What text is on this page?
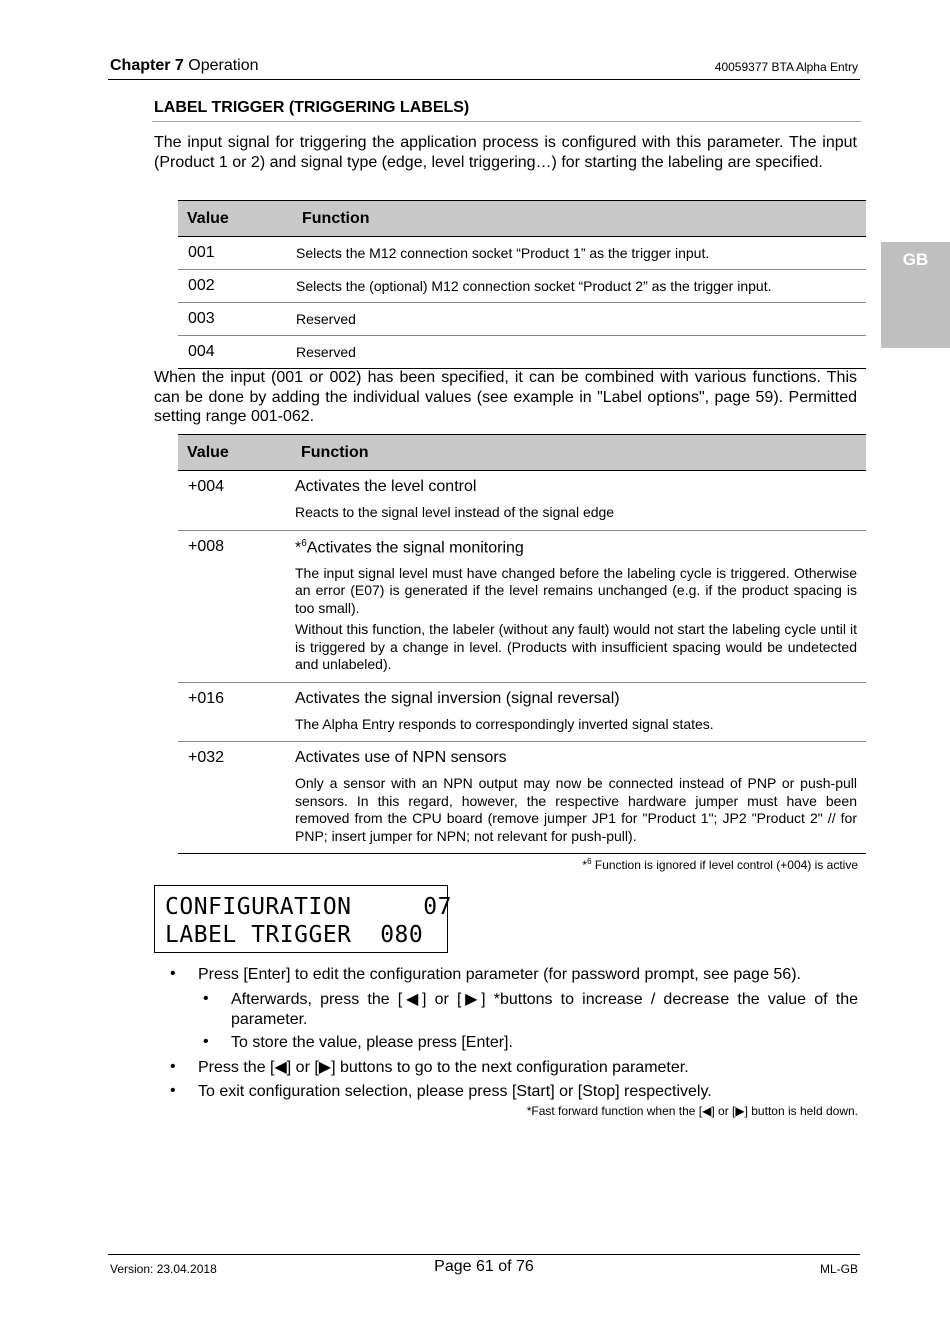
Chapter 7 Operation	40059377 BTA Alpha Entry
GB
LABEL TRIGGER (TRIGGERING LABELS)
The input signal for triggering the application process is configured with this parameter. The input (Product 1 or 2) and signal type (edge, level triggering…) for starting the labeling are specified.
Value	Function
001	Selects the M12 connection socket “Product 1” as the trigger input.
002	Selects the (optional) M12 connection socket “Product 2” as the trigger input.
003	Reserved
004	Reserved
When the input (001 or 002) has been specified, it can be combined with various functions. This can be done by adding the individual values (see example in "Label options", page 59). Permitted setting range 001-062.
Value	Function
+004	Activates the level control
Reacts to the signal level instead of the signal edge

+008	*$^6$Activates the signal monitoring
The input signal level must have changed before the labeling cycle is triggered. Otherwise an error (E07) is generated if the level remains unchanged (e.g. if the product spacing is too small).
Without this function, the labeler (without any fault) would not start the labeling cycle until it is triggered by a change in level. (Products with insufficient spacing would be undetected and unlabeled).

+016	Activates the signal inversion (signal reversal)
The Alpha Entry responds to correspondingly inverted signal states.

+032	Activates use of NPN sensors
Only a sensor with an NPN output may now be connected instead of PNP or push-pull sensors. In this regard, however, the respective hardware jumper must have been removed from the CPU board (remove jumper JP1 for "Product 1"; JP2 "Product 2" // for PNP; insert jumper for NPN; not relevant for push-pull).
*$^6$ Function is ignored if level control (+004) is active
CONFIGURATION     07
LABEL TRIGGER  080
• Press [Enter] to edit the configuration parameter (for password prompt, see page 56).
• Afterwards, press the [◀] or [▶] *buttons to increase / decrease the value of the parameter.
• To store the value, please press [Enter].
• Press the [◀] or [▶] buttons to go to the next configuration parameter.
• To exit configuration selection, please press [Start] or [Stop] respectively.
*Fast forward function when the [◀] or [▶] button is held down.
Version: 23.04.2018	Page 61 of 76	ML-GB
